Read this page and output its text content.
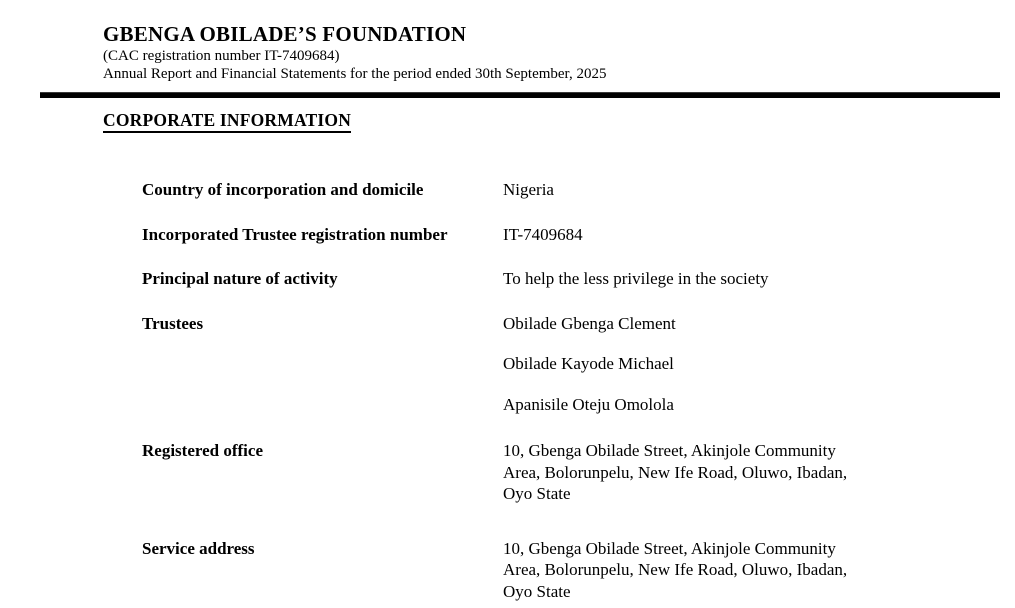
GBENGA OBILADE’S FOUNDATION
(CAC registration number IT-7409684)
Annual Report and Financial Statements for the period ended 30th September, 2025
CORPORATE INFORMATION
Country of incorporation and domicile	Nigeria
Incorporated Trustee registration number	IT-7409684
Principal nature of activity	To help the less privilege in the society
Trustees	Obilade Gbenga Clement
Obilade Kayode Michael
Apanisile Oteju Omolola
Registered office	10, Gbenga Obilade Street, Akinjole Community
Area, Bolorunpelu, New Ife Road, Oluwo, Ibadan,
Oyo State
Service address	10, Gbenga Obilade Street, Akinjole Community
Area, Bolorunpelu, New Ife Road, Oluwo, Ibadan,
Oyo State
